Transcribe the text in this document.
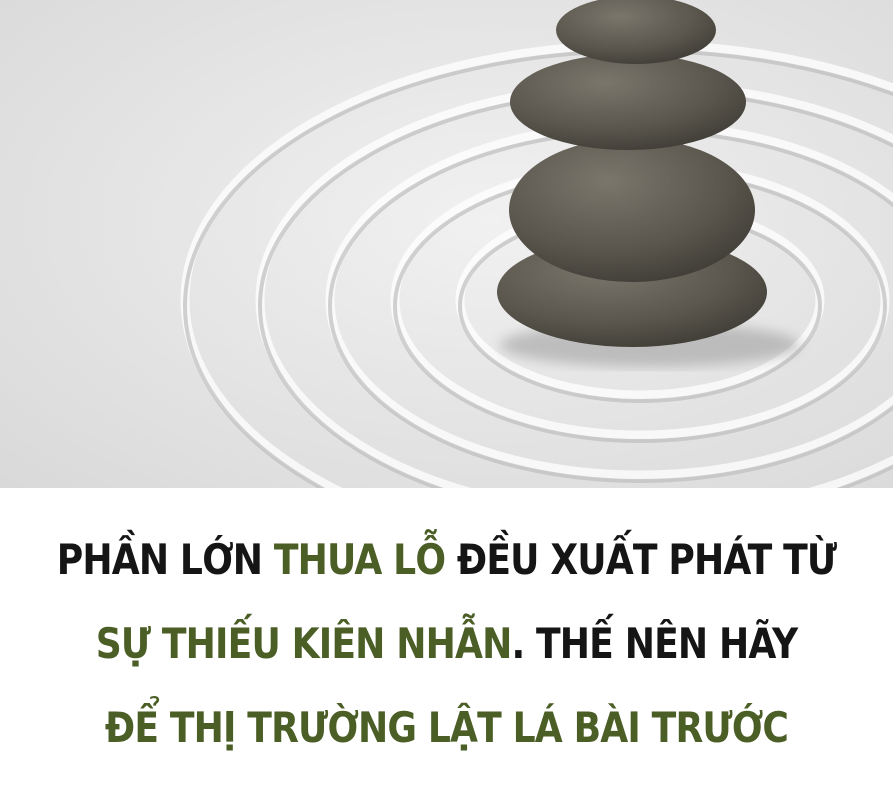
PHẦN LỚN THUA LỖ ĐỀU XUẤT PHÁT TỪ
SỰ THIẾU KIÊN NHẪN. THẾ NÊN HÃY
ĐỂ THỊ TRƯỜNG LẬT LÁ BÀI TRƯỚC
